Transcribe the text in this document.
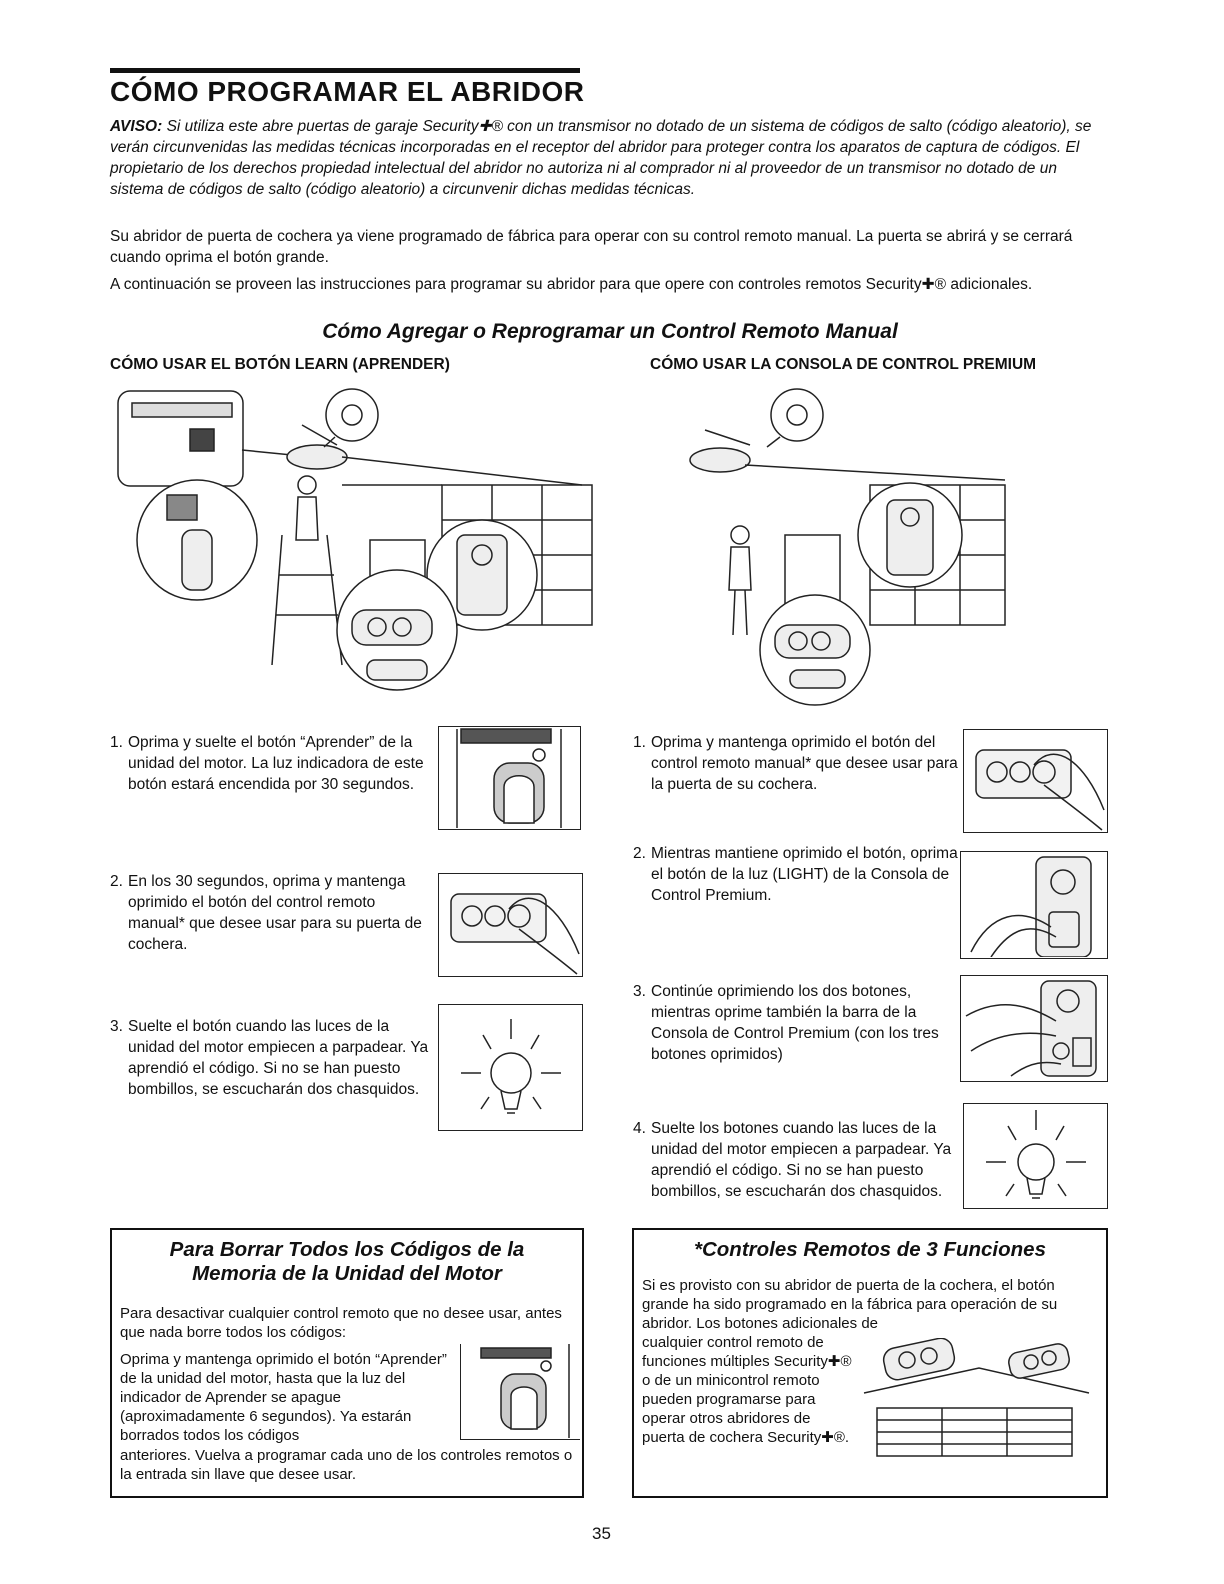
CÓMO PROGRAMAR EL ABRIDOR
AVISO: Si utiliza este abre puertas de garaje Security✚® con un transmisor no dotado de un sistema de códigos de salto (código aleatorio), se verán circunvenidas las medidas técnicas incorporadas en el receptor del abridor para proteger contra los aparatos de captura de códigos. El propietario de los derechos propiedad intelectual del abridor no autoriza ni al comprador ni al proveedor de un transmisor no dotado de un sistema de códigos de salto (código aleatorio) a circunvenir dichas medidas técnicas.
Su abridor de puerta de cochera ya viene programado de fábrica para operar con su control remoto manual. La puerta se abrirá y se cerrará cuando oprima el botón grande.
A continuación se proveen las instrucciones para programar su abridor para que opere con controles remotos Security✚® adicionales.
Cómo Agregar o Reprogramar un Control Remoto Manual
CÓMO USAR EL BOTÓN LEARN (APRENDER)	CÓMO USAR LA CONSOLA DE CONTROL PREMIUM
1. Oprima y suelte el botón “Aprender” de la unidad del motor. La luz indicadora de este botón estará encendida por 30 segundos.
2. En los 30 segundos, oprima y mantenga oprimido el botón del control remoto manual* que desee usar para su puerta de cochera.
3. Suelte el botón cuando las luces de la unidad del motor empiecen a parpadear. Ya aprendió el código. Si no se han puesto bombillos, se escucharán dos chasquidos.
1. Oprima y mantenga oprimido el botón del control remoto manual* que desee usar para la puerta de su cochera.
2. Mientras mantiene oprimido el botón, oprima el botón de la luz (LIGHT) de la Consola de Control Premium.
3. Continúe oprimiendo los dos botones, mientras oprime también la barra de la Consola de Control Premium (con los tres botones oprimidos)
4. Suelte los botones cuando las luces de la unidad del motor empiecen a parpadear. Ya aprendió el código. Si no se han puesto bombillos, se escucharán dos chasquidos.
Para Borrar Todos los Códigos de la Memoria de la Unidad del Motor
Para desactivar cualquier control remoto que no desee usar, antes que nada borre todos los códigos:
Oprima y mantenga oprimido el botón “Aprender” de la unidad del motor, hasta que la luz del indicador de Aprender se apague (aproximadamente 6 segundos). Ya estarán borrados todos los códigos
anteriores. Vuelva a programar cada uno de los controles remotos o la entrada sin llave que desee usar.
*Controles Remotos de 3 Funciones
Si es provisto con su abridor de puerta de la cochera, el botón grande ha sido programado en la fábrica para operación de su abridor. Los botones adicionales de
cualquier control remoto de funciones múltiples Security✚® o de un minicontrol remoto pueden programarse para operar otros abridores de puerta de cochera Security✚®.
35
